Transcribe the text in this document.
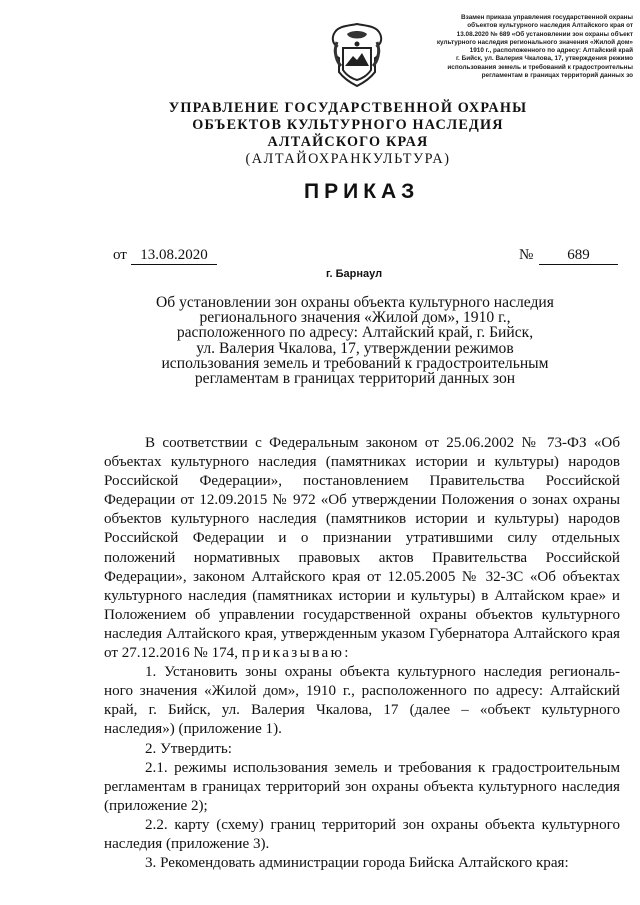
Взамен приказа управления государственной охраны
объектов культурного наследия Алтайского края от
13.08.2020 № 689 «Об установлении зон охраны объект
культурного наследия регионального значения «Жилой дом»
1910 г., расположенного по адресу: Алтайский край
г. Бийск, ул. Валерия Чкалова, 17, утверждения режимо
использования земель и требований к градостроительны
регламентам в границах территорий данных зо
УПРАВЛЕНИЕ ГОСУДАРСТВЕННОЙ ОХРАНЫ
ОБЪЕКТОВ КУЛЬТУРНОГО НАСЛЕДИЯ
АЛТАЙСКОГО КРАЯ
(АЛТАЙОХРАНКУЛЬТУРА)
ПРИКАЗ
от 13.08.2020	№	689
г. Барнаул
Об установлении зон охраны объекта культурного наследия
регионального значения «Жилой дом», 1910 г.,
расположенного по адресу: Алтайский край, г. Бийск,
ул. Валерия Чкалова, 17, утверждении режимов
использования земель и требований к градостроительным
регламентам в границах территорий данных зон

В соответствии с Федеральным законом от 25.06.2002 № 73-ФЗ «Об объектах культурного наследия (памятниках истории и культуры) народов Российской Федерации», постановлением Правительства Российской Федерации от 12.09.2015 № 972 «Об утверждении Положения о зонах охраны объектов культурного наследия (памятников истории и культуры) народов Российской Федерации и о признании утратившими силу отдельных положений нормативных правовых актов Правительства Российской Федерации», законом Алтайского края от 12.05.2005 № 32-ЗС «Об объектах культурного наследия (памятниках истории и культуры) в Алтайском крае» и Положением об управлении государственной охраны объектов культурного наследия Алтайского края, утвержденным указом Губернатора Алтайского края от 27.12.2016 № 174, приказываю:

1. Установить зоны охраны объекта культурного наследия региональ-ного значения «Жилой дом», 1910 г., расположенного по адресу: Алтайский край, г. Бийск, ул. Валерия Чкалова, 17 (далее – «объект культурного наследия») (приложение 1).

2. Утвердить:

2.1. режимы использования земель и требования к градостроительным регламентам в границах территорий зон охраны объекта культурного наследия (приложение 2);

2.2. карту (схему) границ территорий зон охраны объекта культурного наследия (приложение 3).

3. Рекомендовать администрации города Бийска Алтайского края:
